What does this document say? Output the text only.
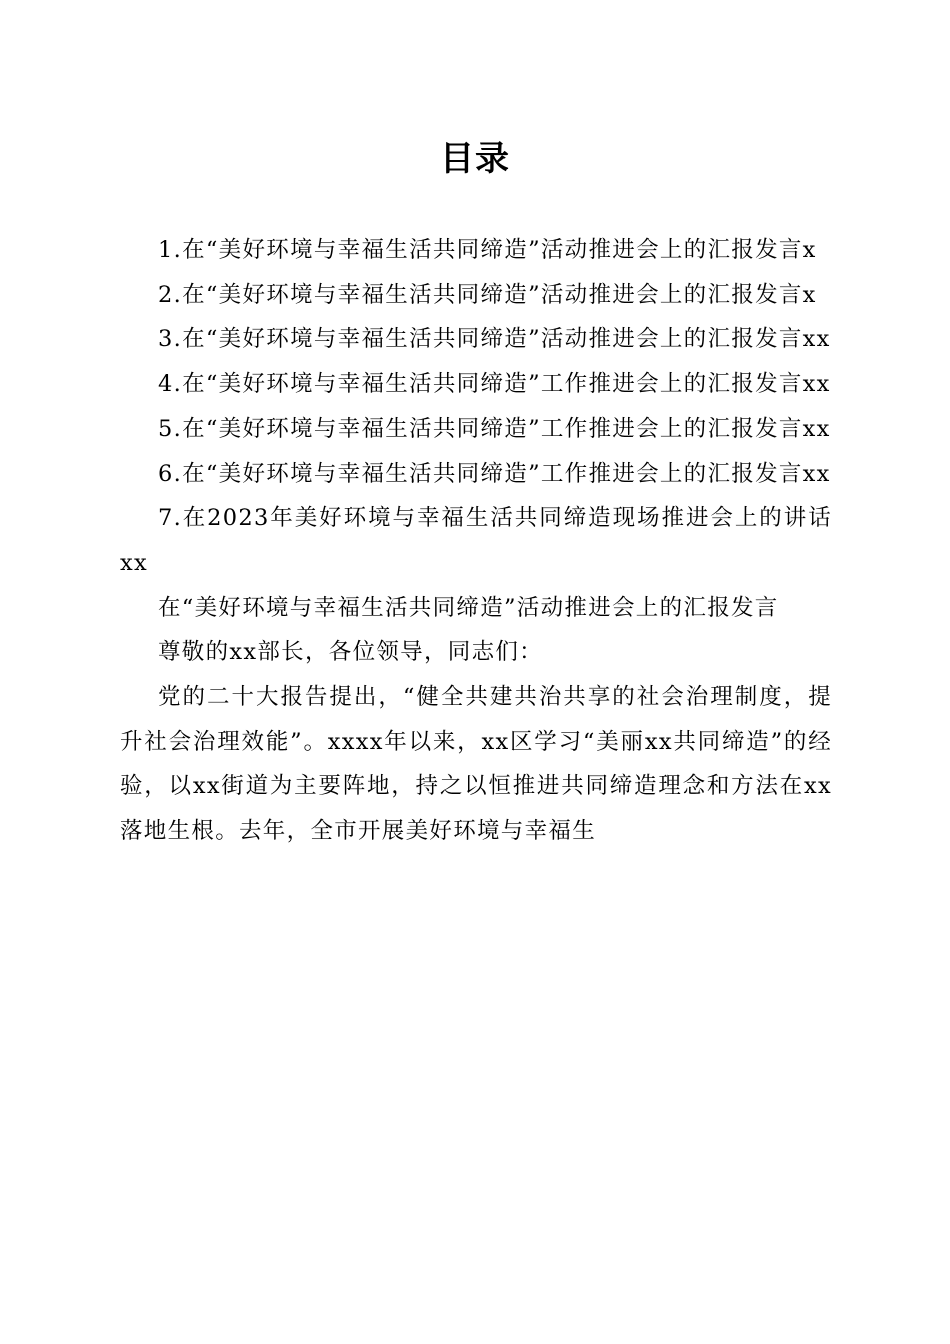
目录

1.在“美好环境与幸福生活共同缔造”活动推进会上的汇报发言x

2.在“美好环境与幸福生活共同缔造”活动推进会上的汇报发言x

3.在“美好环境与幸福生活共同缔造”活动推进会上的汇报发言xx

4.在“美好环境与幸福生活共同缔造”工作推进会上的汇报发言xx

5.在“美好环境与幸福生活共同缔造”工作推进会上的汇报发言xx

6.在“美好环境与幸福生活共同缔造”工作推进会上的汇报发言xx

7.在2023年美好环境与幸福生活共同缔造现场推进会上的讲话xx

在“美好环境与幸福生活共同缔造”活动推进会上的汇报发言

尊敬的xx部长，各位领导，同志们：

党的二十大报告提出，“健全共建共治共享的社会治理制度，提升社会治理效能”。xxxx年以来，xx区学习“美丽xx共同缔造”的经验，以xx街道为主要阵地，持之以恒推进共同缔造理念和方法在xx落地生根。去年，全市开展美好环境与幸福生
